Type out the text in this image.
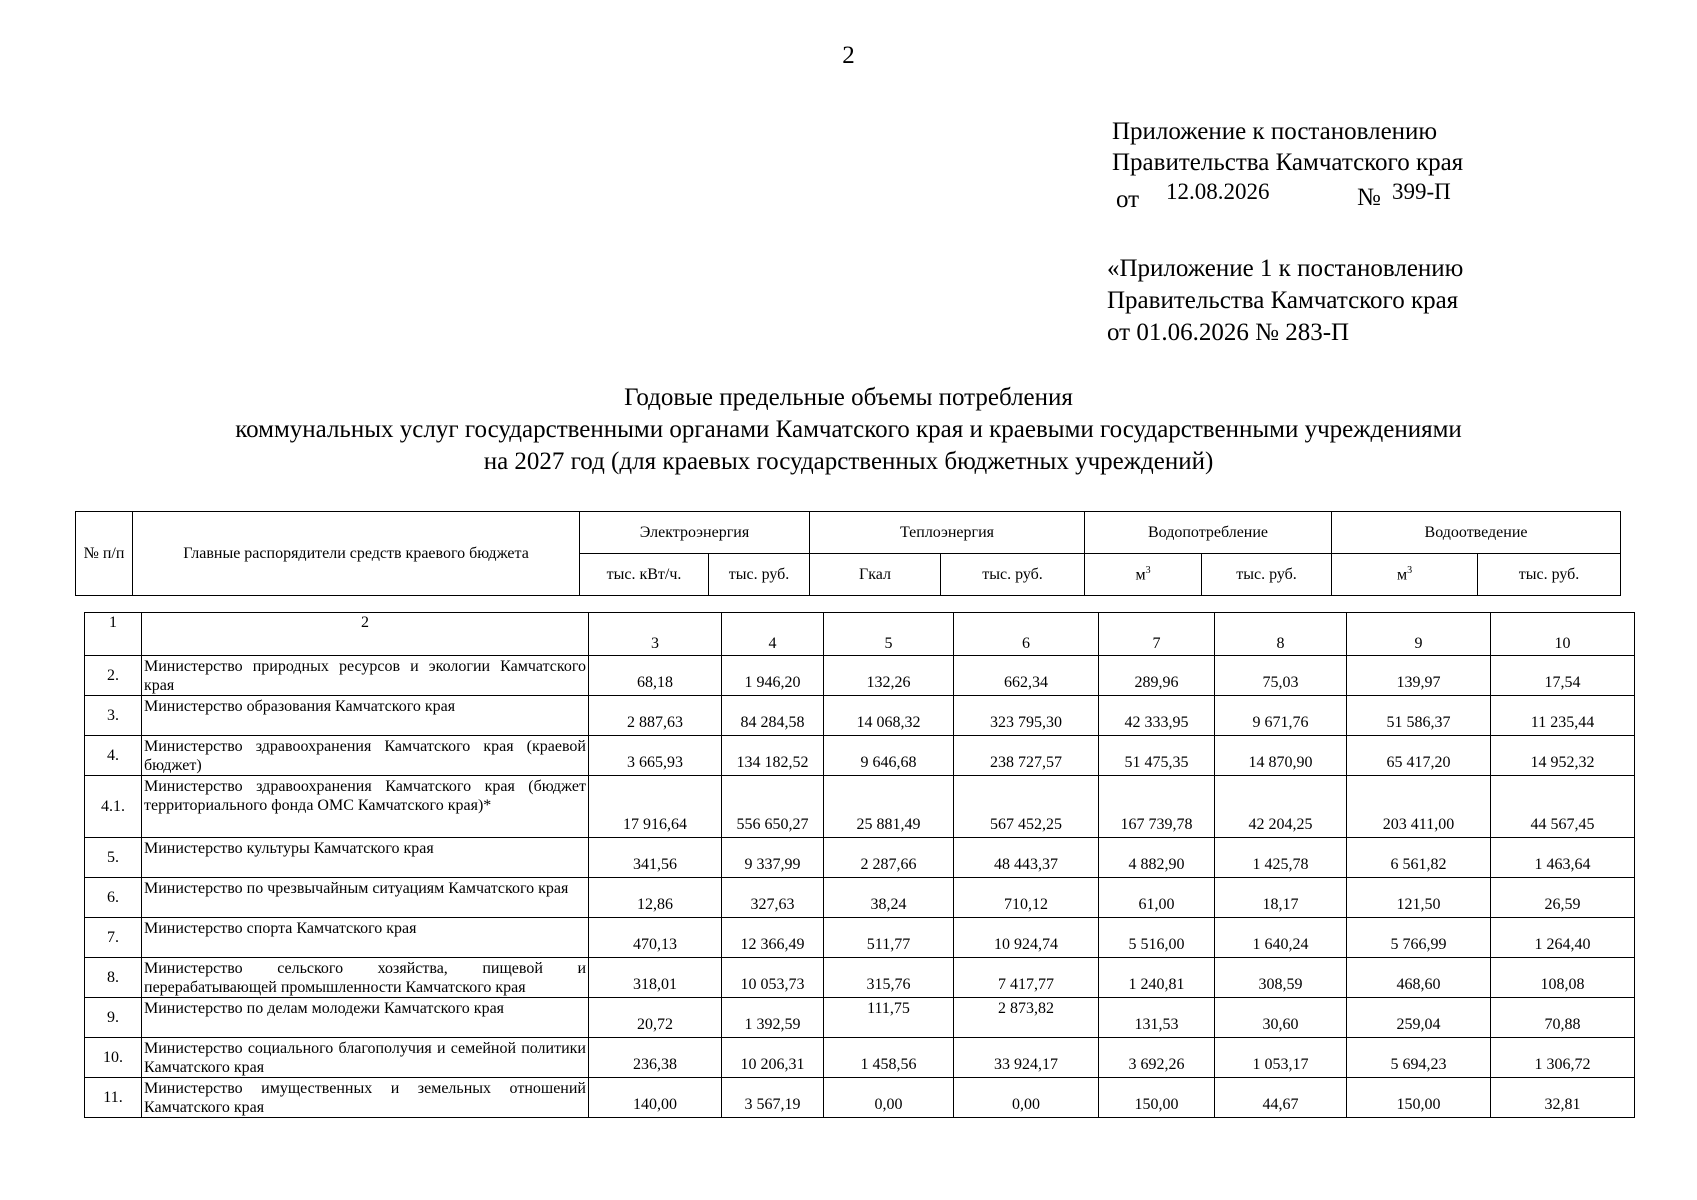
2
Приложение к постановлению
Правительства Камчатского края
от 12.08.2026	№ 399-П
«Приложение 1 к постановлению
Правительства Камчатского края
от 01.06.2026 № 283-П
Годовые предельные объемы потребления
коммунальных услуг государственными органами Камчатского края и краевыми государственными учреждениями
на 2027 год (для краевых государственных бюджетных учреждений)
№ п/п	Главные распорядители средств краевого бюджета	Электроэнергия		Теплоэнергия		Водопотребление		Водоотведение	
		тыс. кВт/ч.	тыс. руб.	Гкал	тыс. руб.	$м^3$	тыс. руб.	$м^3$	тыс. руб.
1	2	3	4	5	6	7	8	9	10
2.	Министерство природных ресурсов и экологии Камчатского края	68,18	1 946,20	132,26	662,34	289,96	75,03	139,97	17,54
3.	Министерство образования Камчатского края	2 887,63	84 284,58	14 068,32	323 795,30	42 333,95	9 671,76	51 586,37	11 235,44
4.	Министерство здравоохранения Камчатского края (краевой бюджет)	3 665,93	134 182,52	9 646,68	238 727,57	51 475,35	14 870,90	65 417,20	14 952,32
4.1.	Министерство здравоохранения Камчатского края (бюджет территориального фонда ОМС Камчатского края)*	17 916,64	556 650,27	25 881,49	567 452,25	167 739,78	42 204,25	203 411,00	44 567,45
5.	Министерство культуры Камчатского края	341,56	9 337,99	2 287,66	48 443,37	4 882,90	1 425,78	6 561,82	1 463,64
6.	Министерство по чрезвычайным ситуациям Камчатского края	12,86	327,63	38,24	710,12	61,00	18,17	121,50	26,59
7.	Министерство спорта Камчатского края	470,13	12 366,49	511,77	10 924,74	5 516,00	1 640,24	5 766,99	1 264,40
8.	Министерство сельского хозяйства, пищевой и перерабатывающей промышленности Камчатского края	318,01	10 053,73	315,76	7 417,77	1 240,81	308,59	468,60	108,08
9.	Министерство по делам молодежи Камчатского края	20,72	1 392,59	111,75	2 873,82	131,53	30,60	259,04	70,88
10.	Министерство социального благополучия и семейной политики Камчатского края	236,38	10 206,31	1 458,56	33 924,17	3 692,26	1 053,17	5 694,23	1 306,72
11.	Министерство имущественных и земельных отношений Камчатского края	140,00	3 567,19	0,00	0,00	150,00	44,67	150,00	32,81
